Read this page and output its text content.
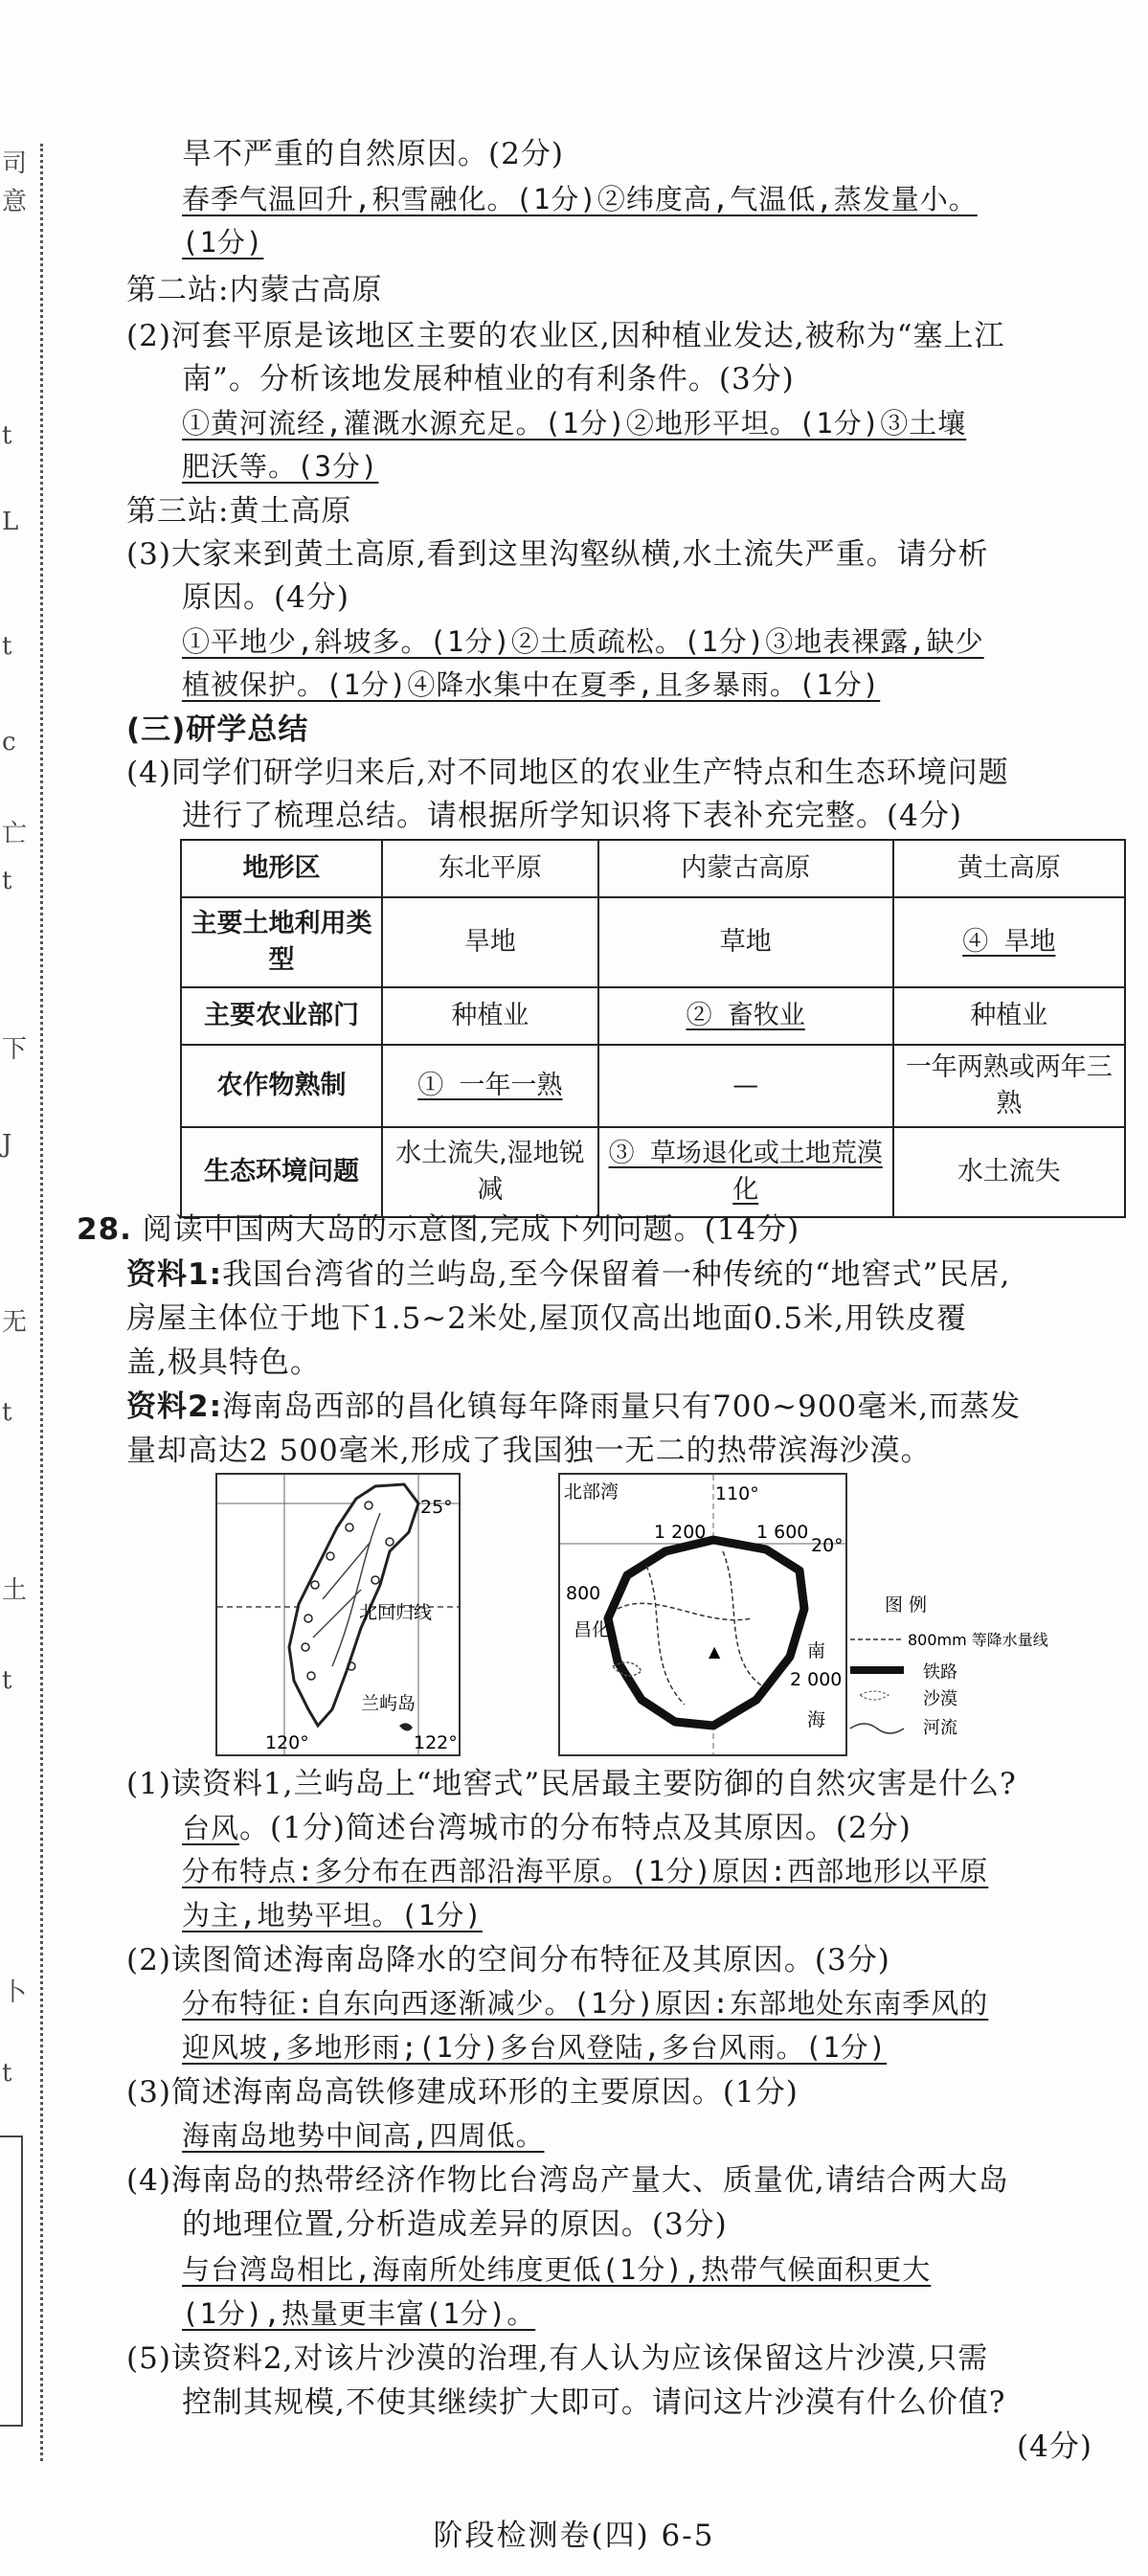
司
意
t
L
t
c
亡
t
下
J
无
t
土
t
卜
t
旱不严重的自然原因。(2分)
春季气温回升,积雪融化。(1分)②纬度高,气温低,蒸发量小。
(1分)
第二站:内蒙古高原
(2)河套平原是该地区主要的农业区,因种植业发达,被称为“塞上江
南”。分析该地发展种植业的有利条件。(3分)
①黄河流经,灌溉水源充足。(1分)②地形平坦。(1分)③土壤
肥沃等。(3分)
第三站:黄土高原
(3)大家来到黄土高原,看到这里沟壑纵横,水土流失严重。请分析
原因。(4分)
①平地少,斜坡多。(1分)②土质疏松。(1分)③地表裸露,缺少
植被保护。(1分)④降水集中在夏季,且多暴雨。(1分)
(三)研学总结
(4)同学们研学归来后,对不同地区的农业生产特点和生态环境问题
进行了梳理总结。请根据所学知识将下表补充完整。(4分)
地形区	东北平原	内蒙古高原	黄土高原
主要土地利用类型	旱地	草地	④ 旱地
主要农业部门	种植业	② 畜牧业	种植业
农作物熟制	① 一年一熟	—	一年两熟或两年三熟
生态环境问题	水土流失,湿地锐减	③ 草场退化或土地荒漠化	水土流失
28. 阅读中国两大岛的示意图,完成下列问题。(14分)
资料1:我国台湾省的兰屿岛,至今保留着一种传统的“地窖式”民居,
房屋主体位于地下1.5~2米处,屋顶仅高出地面0.5米,用铁皮覆
盖,极具特色。
资料2:海南岛西部的昌化镇每年降雨量只有700~900毫米,而蒸发
量却高达2 500毫米,形成了我国独一无二的热带滨海沙漠。
25°
北回归线
兰屿岛
120°	122°
北部湾	110°
20°
1 200	1 600
800
昌化
南
2 000
海
▲
图 例
800mm 等降水量线
铁路
沙漠
河流
(1)读资料1,兰屿岛上“地窖式”民居最主要防御的自然灾害是什么?
台风。(1分)简述台湾城市的分布特点及其原因。(2分)
分布特点:多分布在西部沿海平原。(1分)原因:西部地形以平原
为主,地势平坦。(1分)
(2)读图简述海南岛降水的空间分布特征及其原因。(3分)
分布特征:自东向西逐渐减少。(1分)原因:东部地处东南季风的
迎风坡,多地形雨;(1分)多台风登陆,多台风雨。(1分)
(3)简述海南岛高铁修建成环形的主要原因。(1分)
海南岛地势中间高,四周低。
(4)海南岛的热带经济作物比台湾岛产量大、质量优,请结合两大岛
的地理位置,分析造成差异的原因。(3分)
与台湾岛相比,海南所处纬度更低(1分),热带气候面积更大
(1分),热量更丰富(1分)。
(5)读资料2,对该片沙漠的治理,有人认为应该保留这片沙漠,只需
控制其规模,不使其继续扩大即可。请问这片沙漠有什么价值?
(4分)
阶段检测卷(四) 6-5
